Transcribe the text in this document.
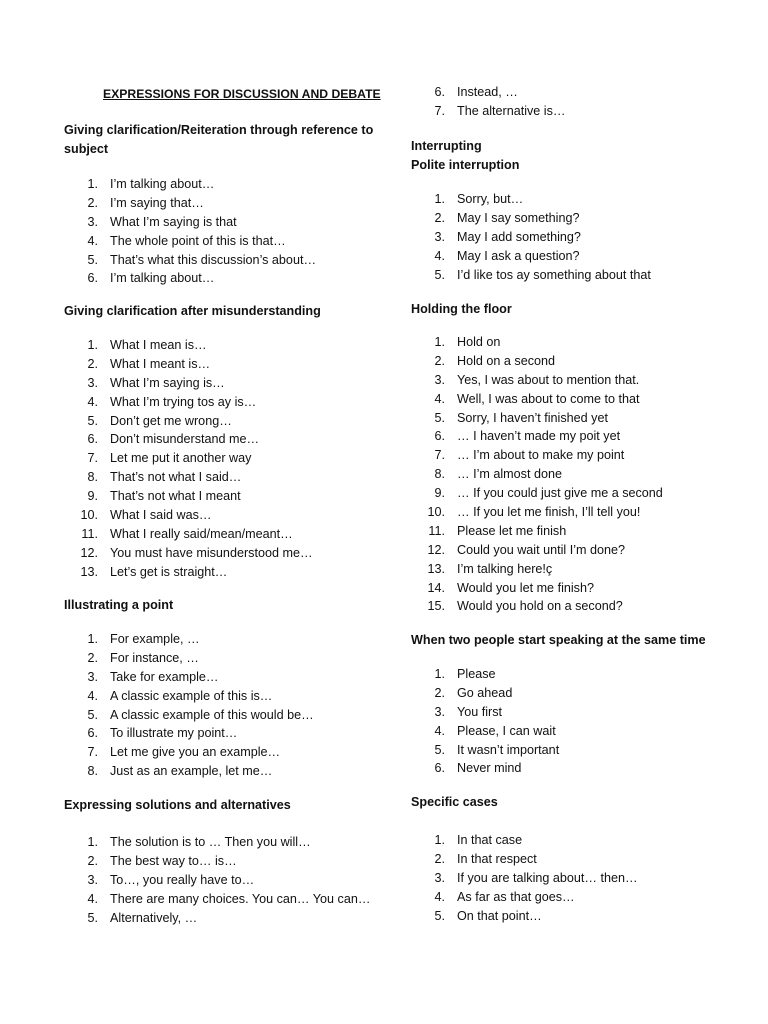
EXPRESSIONS FOR DISCUSSION AND DEBATE
Giving clarification/Reiteration through reference to
subject
1. I’m talking about…
2. I’m saying that…
3. What I’m saying is that
4. The whole point of this is that…
5. That’s what this discussion’s about…
6. I’m talking about…
Giving clarification after misunderstanding
1. What I mean is…
2. What I meant is…
3. What I’m saying is…
4. What I’m trying tos ay is…
5. Don’t get me wrong…
6. Don’t misunderstand me…
7. Let me put it another way
8. That’s not what I said…
9. That’s not what I meant
10. What I said was…
11. What I really said/mean/meant…
12. You must have misunderstood me…
13. Let’s get is straight…
Illustrating a point
1. For example, …
2. For instance, …
3. Take for example…
4. A classic example of this is…
5. A classic example of this would be…
6. To illustrate my point…
7. Let me give you an example…
8. Just as an example, let me…
Expressing solutions and alternatives
1. The solution is to … Then you will…
2. The best way to… is…
3. To…, you really have to…
4. There are many choices. You can… You can…
5. Alternatively, …
6. Instead, …
7. The alternative is…
Interrupting
Polite interruption
1. Sorry, but…
2. May I say something?
3. May I add something?
4. May I ask a question?
5. I’d like tos ay something about that
Holding the floor
1. Hold on
2. Hold on a second
3. Yes, I was about to mention that.
4. Well, I was about to come to that
5. Sorry, I haven’t finished yet
6. … I haven’t made my poit yet
7. … I’m about to make my point
8. … I’m almost done
9. … If you could just give me a second
10. … If you let me finish, I’ll tell you!
11. Please let me finish
12. Could you wait until I’m done?
13. I’m talking here!ç
14. Would you let me finish?
15. Would you hold on a second?
When two people start speaking at the same time
1. Please
2. Go ahead
3. You first
4. Please, I can wait
5. It wasn’t important
6. Never mind
Specific cases
1. In that case
2. In that respect
3. If you are talking about… then…
4. As far as that goes…
5. On that point…
